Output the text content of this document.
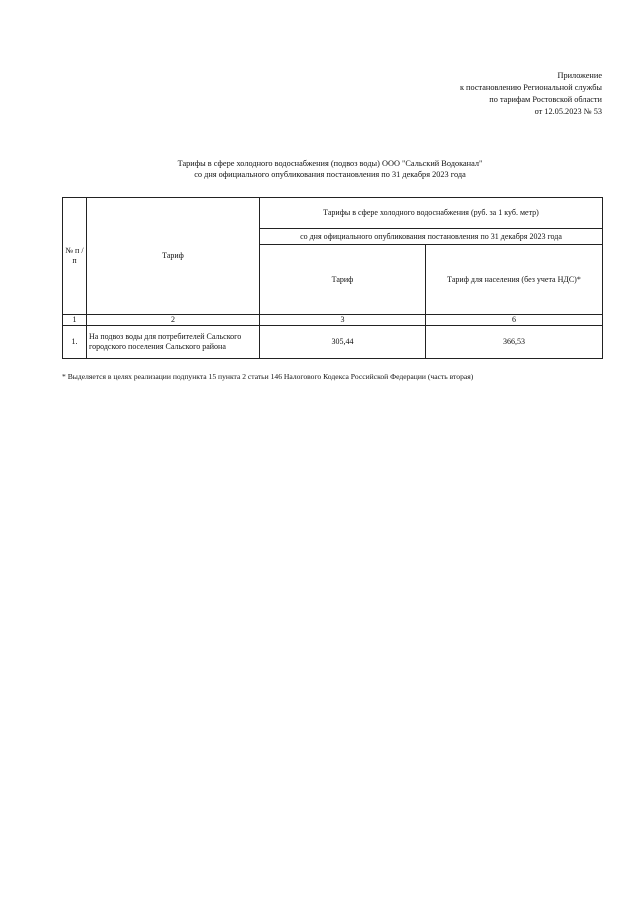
Приложение
к постановлению Региональной службы
по тарифам Ростовской области
от 12.05.2023 № 53
Тарифы в сфере холодного водоснабжения (подвоз воды) ООО "Сальский Водоканал"
со дня официального опубликования постановления по 31 декабря 2023 года
№ п /п	Тариф	Тарифы в сфере холодного водоснабжения (руб. за 1 куб. метр)	
		со дня официального опубликования постановления по 31 декабря 2023 года	
		Тариф	Тариф для населения (без учета НДС)*
1	2	3	6
1.	На подвоз воды для потребителей Сальского городского поселения Сальского района	305,44	366,53
* Выделяется в целях реализации подпункта 15 пункта 2 статьи 146 Налогового Кодекса Российской Федерации (часть вторая)
